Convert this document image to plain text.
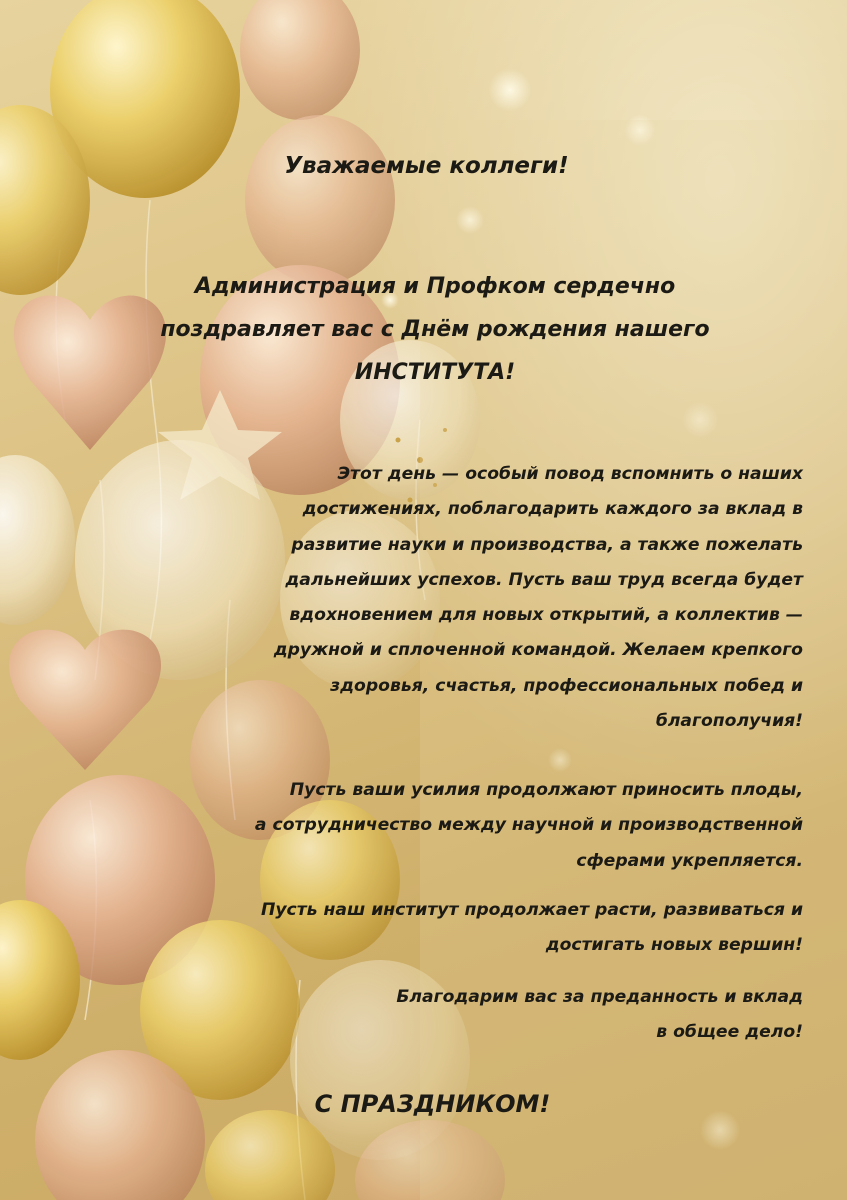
Уважаемые коллеги!

Администрация и Профком сердечно
поздравляет вас с Днём рождения нашего
ИНСТИТУТА!

Этот день — особый повод вспомнить о наших
достижениях, поблагодарить каждого за вклад в
развитие науки и производства, а также пожелать
дальнейших успехов. Пусть ваш труд всегда будет
вдохновением для новых открытий, а коллектив —
дружной и сплоченной командой. Желаем крепкого
здоровья, счастья, профессиональных побед и
благополучия!

Пусть ваши усилия продолжают приносить плоды,
а сотрудничество между научной и производственной
сферами укрепляется.

Пусть наш институт продолжает расти, развиваться и
достигать новых вершин!

Благодарим вас за преданность и вклад
в общее дело!

С ПРАЗДНИКОМ!
